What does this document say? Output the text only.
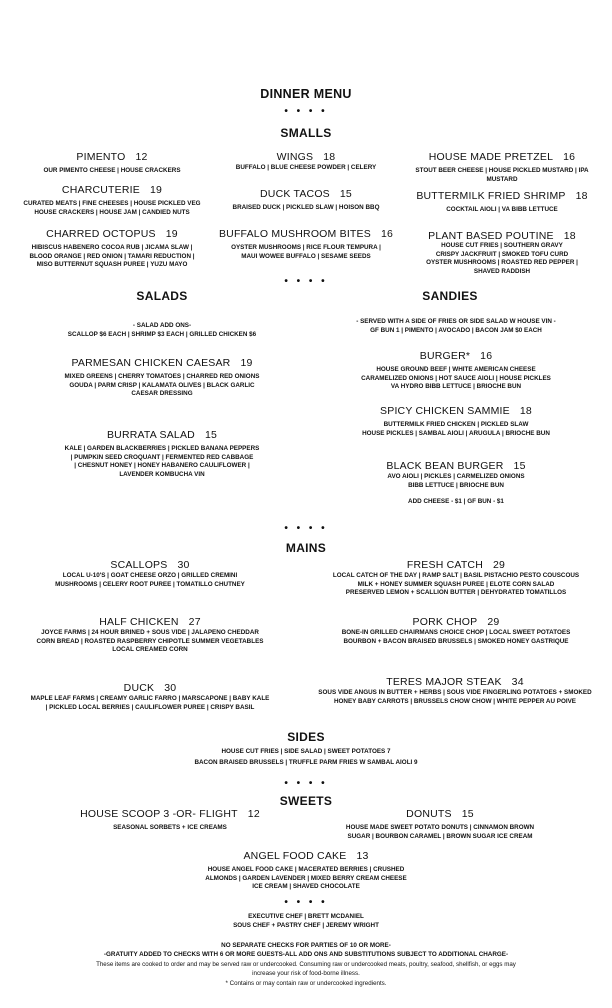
DINNER MENU
• • • •
SMALLS
PIMENTO 12
OUR PIMENTO CHEESE | HOUSE CRACKERS
CHARCUTERIE 19
CURATED MEATS | FINE CHEESES | HOUSE PICKLED VEG
HOUSE CRACKERS | HOUSE JAM | CANDIED NUTS
CHARRED OCTOPUS 19
HIBISCUS HABENERO COCOA RUB | JICAMA SLAW |
BLOOD ORANGE | RED ONION | TAMARI REDUCTION |
MISO BUTTERNUT SQUASH PUREE | YUZU MAYO
WINGS 18
BUFFALO | BLUE CHEESE POWDER | CELERY
DUCK TACOS 15
BRAISED DUCK | PICKLED SLAW | HOISON BBQ
BUFFALO MUSHROOM BITES 16
OYSTER MUSHROOMS | RICE FLOUR TEMPURA |
MAUI WOWEE BUFFALO | SESAME SEEDS
HOUSE MADE PRETZEL 16
STOUT BEER CHEESE | HOUSE PICKLED MUSTARD | IPA
MUSTARD
BUTTERMILK FRIED SHRIMP 18
COCKTAIL AIOLI | VA BIBB LETTUCE
PLANT BASED POUTINE 18
HOUSE CUT FRIES | SOUTHERN GRAVY
CRISPY JACKFRUIT | SMOKED TOFU CURD
OYSTER MUSHROOMS | ROASTED RED PEPPER |
SHAVED RADDISH
• • • •
SALADS	SANDIES
- SALAD ADD ONS-
SCALLOP $6 EACH | SHRIMP $3 EACH | GRILLED CHICKEN $6
PARMESAN CHICKEN CAESAR 19
MIXED GREENS | CHERRY TOMATOES | CHARRED RED ONIONS
GOUDA | PARM CRISP | KALAMATA OLIVES | BLACK GARLIC
CAESAR DRESSING
BURRATA SALAD 15
KALE | GARDEN BLACKBERRIES | PICKLED BANANA PEPPERS
| PUMPKIN SEED CROQUANT | FERMENTED RED CABBAGE
| CHESNUT HONEY | HONEY HABANERO CAULIFLOWER |
LAVENDER KOMBUCHA VIN
- SERVED WITH A SIDE OF FRIES OR SIDE SALAD W HOUSE VIN -
GF BUN 1 | PIMENTO | AVOCADO | BACON JAM $0 EACH
BURGER* 16
HOUSE GROUND BEEF | WHITE AMERICAN CHEESE
CARAMELIZED ONIONS | HOT SAUCE AIOLI | HOUSE PICKLES
VA HYDRO BIBB LETTUCE | BRIOCHE BUN
SPICY CHICKEN SAMMIE 18
BUTTERMILK FRIED CHICKEN | PICKLED SLAW
HOUSE PICKLES | SAMBAL AIOLI | ARUGULA | BRIOCHE BUN
BLACK BEAN BURGER 15
AVO AIOLI | PICKLES | CARMELIZED ONIONS
BIBB LETTUCE | BRIOCHE BUN
ADD CHEESE - $1 | GF BUN - $1
• • • •
MAINS
SCALLOPS 30
LOCAL U-10'S | GOAT CHEESE ORZO | GRILLED CREMINI
MUSHROOMS | CELERY ROOT PUREE | TOMATILLO CHUTNEY
HALF CHICKEN 27
JOYCE FARMS | 24 HOUR BRINED + SOUS VIDE | JALAPENO CHEDDAR
CORN BREAD | ROASTED RASPBERRY CHIPOTLE SUMMER VEGETABLES
LOCAL CREAMED CORN
DUCK 30
MAPLE LEAF FARMS | CREAMY GARLIC FARRO | MARSCAPONE | BABY KALE
| PICKLED LOCAL BERRIES | CAULIFLOWER PUREE | CRISPY BASIL
FRESH CATCH 29
LOCAL CATCH OF THE DAY | RAMP SALT | BASIL PISTACHIO PESTO COUSCOUS
MILK + HONEY SUMMER SQUASH PUREE | ELOTE CORN SALAD
PRESERVED LEMON + SCALLION BUTTER | DEHYDRATED TOMATILLOS
PORK CHOP 29
BONE-IN GRILLED CHAIRMANS CHOICE CHOP | LOCAL SWEET POTATOES
BOURBON + BACON BRAISED BRUSSELS | SMOKED HONEY GASTRIQUE
TERES MAJOR STEAK 34
SOUS VIDE ANGUS IN BUTTER + HERBS | SOUS VIDE FINGERLING POTATOES + SMOKED
HONEY BABY CARROTS | BRUSSELS CHOW CHOW | WHITE PEPPER AU POIVE
SIDES
HOUSE CUT FRIES | SIDE SALAD | SWEET POTATOES 7
BACON BRAISED BRUSSELS | TRUFFLE PARM FRIES W SAMBAL AIOLI 9
• • • •
SWEETS
HOUSE SCOOP 3 -OR- FLIGHT 12
SEASONAL SORBETS + ICE CREAMS
DONUTS 15
HOUSE MADE SWEET POTATO DONUTS | CINNAMON BROWN
SUGAR | BOURBON CARAMEL | BROWN SUGAR ICE CREAM
ANGEL FOOD CAKE 13
HOUSE ANGEL FOOD CAKE | MACERATED BERRIES | CRUSHED
ALMONDS | GARDEN LAVENDER | MIXED BERRY CREAM CHEESE
ICE CREAM | SHAVED CHOCOLATE
• • • •
EXECUTIVE CHEF | BRETT MCDANIEL
SOUS CHEF + PASTRY CHEF | JEREMY WRIGHT
NO SEPARATE CHECKS FOR PARTIES OF 10 OR MORE-
-GRATUITY ADDED TO CHECKS WITH 6 OR MORE GUESTS-ALL ADD ONS AND SUBSTITUTIONS SUBJECT TO ADDITIONAL CHARGE-
These items are cooked to order and may be served raw or undercooked. Consuming raw or undercooked meats, poultry, seafood, shellfish, or eggs may
increase your risk of food-borne illness.
* Contains or may contain raw or undercooked ingredients.
